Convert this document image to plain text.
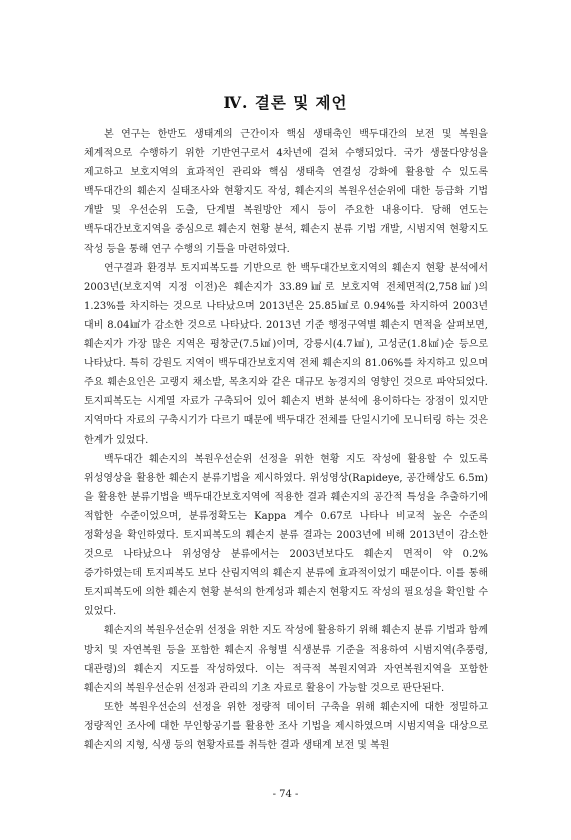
Ⅳ. 결론 및 제언

본 연구는 한반도 생태계의 근간이자 핵심 생태축인 백두대간의 보전 및 복원을 체계적으로 수행하기 위한 기반연구로서 4차년에 걸쳐 수행되었다. 국가 생물다양성을 제고하고 보호지역의 효과적인 관리와 핵심 생태축 연결성 강화에 활용할 수 있도록 백두대간의 훼손지 실태조사와 현황지도 작성, 훼손지의 복원우선순위에 대한 등급화 기법 개발 및 우선순위 도출, 단계별 복원방안 제시 등이 주요한 내용이다. 당해 연도는 백두대간보호지역을 중심으로 훼손지 현황 분석, 훼손지 분류 기법 개발, 시범지역 현황지도 작성 등을 통해 연구 수행의 기틀을 마련하였다.

연구결과 환경부 토지피복도를 기반으로 한 백두대간보호지역의 훼손지 현황 분석에서 2003년(보호지역 지정 이전)은 훼손지가 33.89㎢로 보호지역 전체면적(2,758㎢)의 1.23%를 차지하는 것으로 나타났으며 2013년은 25.85㎢로 0.94%를 차지하여 2003년 대비 8.04㎢가 감소한 것으로 나타났다. 2013년 기준 행정구역별 훼손지 면적을 살펴보면, 훼손지가 가장 많은 지역은 평창군(7.5㎢)이며, 강릉시(4.7㎢), 고성군(1.8㎢)순 등으로 나타났다. 특히 강원도 지역이 백두대간보호지역 전체 훼손지의 81.06%를 차지하고 있으며 주요 훼손요인은 고랭지 채소밭, 목초지와 같은 대규모 농경지의 영향인 것으로 파악되었다. 토지피복도는 시계열 자료가 구축되어 있어 훼손지 변화 분석에 용이하다는 장점이 있지만 지역마다 자료의 구축시기가 다르기 때문에 백두대간 전체를 단일시기에 모니터링 하는 것은 한계가 있었다.

백두대간 훼손지의 복원우선순위 선정을 위한 현황 지도 작성에 활용할 수 있도록 위성영상을 활용한 훼손지 분류기법을 제시하였다. 위성영상(Rapideye, 공간해상도 6.5m)을 활용한 분류기법을 백두대간보호지역에 적용한 결과 훼손지의 공간적 특성을 추출하기에 적합한 수준이었으며, 분류정확도는 Kappa 계수 0.67로 나타나 비교적 높은 수준의 정확성을 확인하였다. 토지피복도의 훼손지 분류 결과는 2003년에 비해 2013년이 감소한 것으로 나타났으나 위성영상 분류에서는 2003년보다도 훼손지 면적이 약 0.2% 증가하였는데 토지피복도 보다 산림지역의 훼손지 분류에 효과적이었기 때문이다. 이를 통해 토지피복도에 의한 훼손지 현황 분석의 한계성과 훼손지 현황지도 작성의 필요성을 확인할 수 있었다.

훼손지의 복원우선순위 선정을 위한 지도 작성에 활용하기 위해 훼손지 분류 기법과 함께 방치 및 자연복원 등을 포함한 훼손지 유형별 식생분류 기준을 적용하여 시범지역(추풍령, 대관령)의 훼손지 지도를 작성하였다. 이는 적극적 복원지역과 자연복원지역을 포함한 훼손지의 복원우선순위 선정과 관리의 기초 자료로 활용이 가능할 것으로 판단된다.

또한 복원우선순의 선정을 위한 정량적 데이터 구축을 위해 훼손지에 대한 정밀하고 정량적인 조사에 대한 무인항공기를 활용한 조사 기법을 제시하였으며 시범지역을 대상으로 훼손지의 지형, 식생 등의 현황자료를 취득한 결과 생태계 보전 및 복원

- 74 -
